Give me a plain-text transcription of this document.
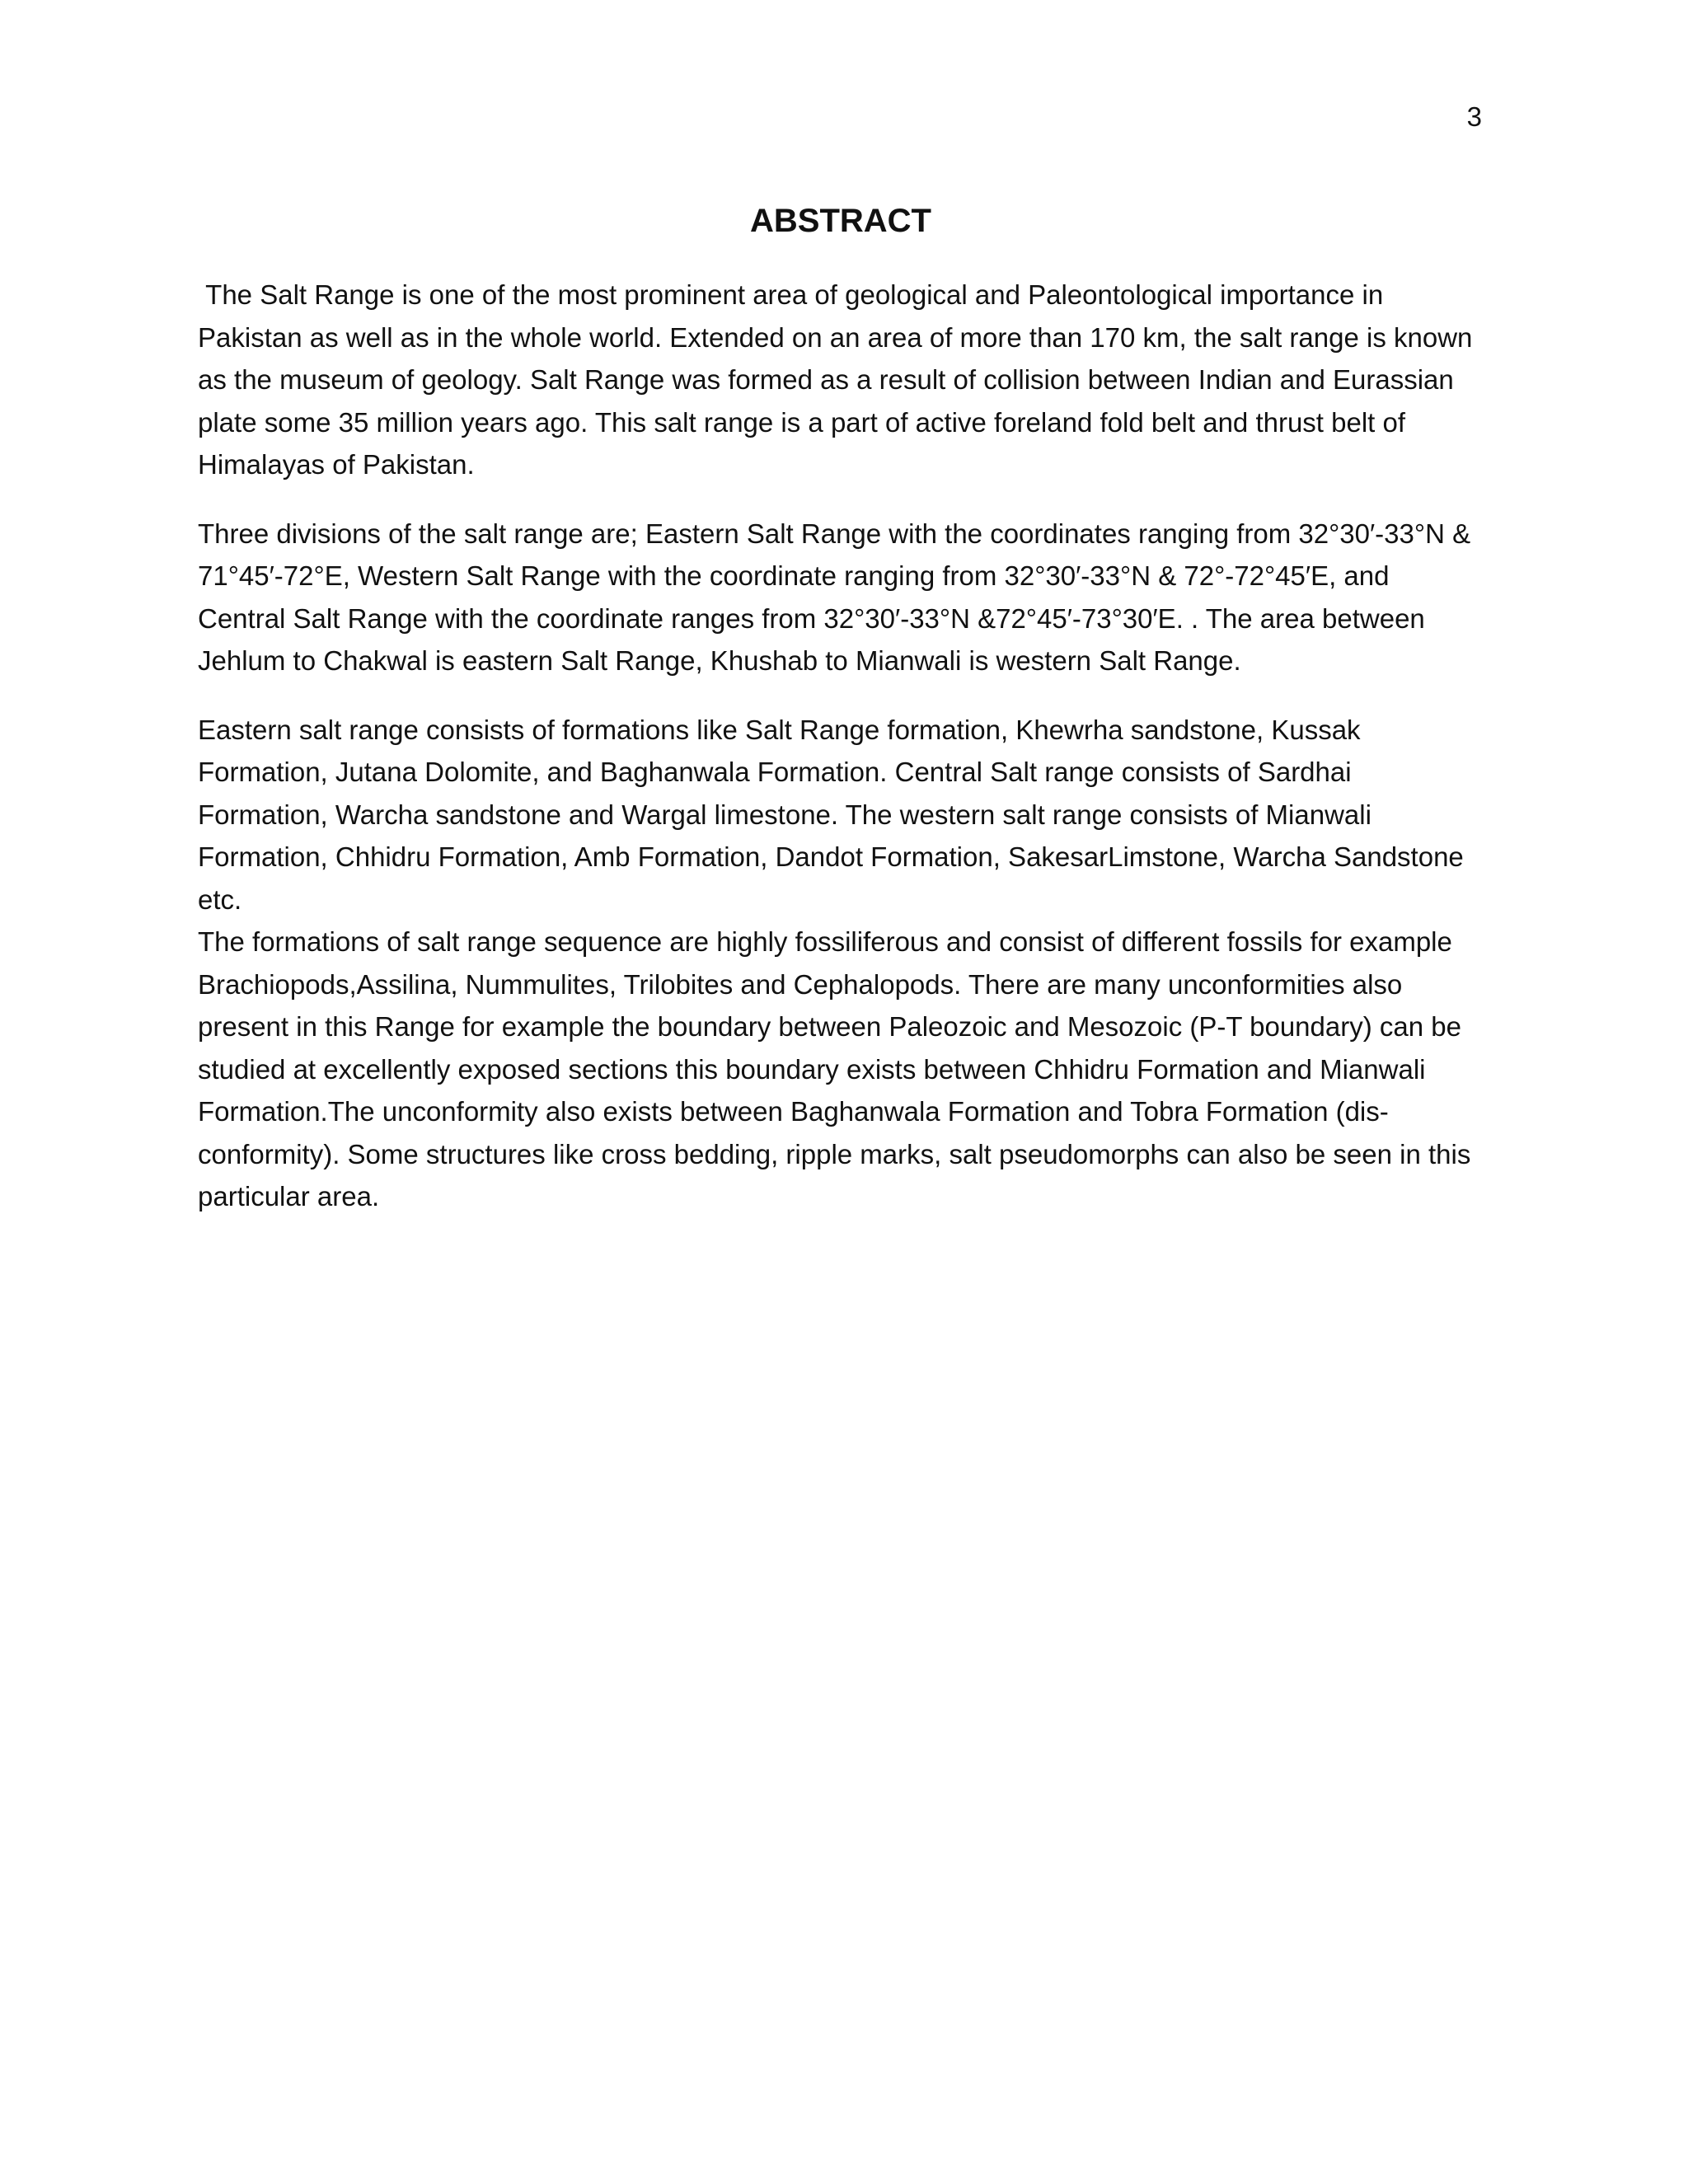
3
ABSTRACT

The Salt Range is one of the most prominent area of geological and Paleontological importance in Pakistan as well as in the whole world. Extended on an area of more than 170 km, the salt range is known as the museum of geology. Salt Range was formed as a result of collision between Indian and Eurassian plate some 35 million years ago. This salt range is a part of active foreland fold belt and thrust belt of Himalayas of Pakistan.

Three divisions of the salt range are; Eastern Salt Range with the coordinates ranging from 32°30′-33°N & 71°45′-72°E, Western Salt Range with the coordinate ranging from 32°30′-33°N & 72°-72°45′E, and Central Salt Range with the coordinate ranges from 32°30′-33°N &72°45′-73°30′E. . The area between Jehlum to Chakwal is eastern Salt Range, Khushab to Mianwali is western Salt Range.

Eastern salt range consists of formations like Salt Range formation, Khewrha sandstone, Kussak Formation, Jutana Dolomite, and Baghanwala Formation. Central Salt range consists of Sardhai Formation, Warcha sandstone and Wargal limestone. The western salt range consists of Mianwali Formation, Chhidru Formation, Amb Formation, Dandot Formation, SakesarLimstone, Warcha Sandstone etc.

The formations of salt range sequence are highly fossiliferous and consist of different fossils for example Brachiopods,Assilina, Nummulites, Trilobites and Cephalopods. There are many unconformities also present in this Range for example the boundary between Paleozoic and Mesozoic (P-T boundary) can be studied at excellently exposed sections this boundary exists between Chhidru Formation and Mianwali Formation.The unconformity also exists between Baghanwala Formation and Tobra Formation (dis-conformity). Some structures like cross bedding, ripple marks, salt pseudomorphs can also be seen in this particular area.
